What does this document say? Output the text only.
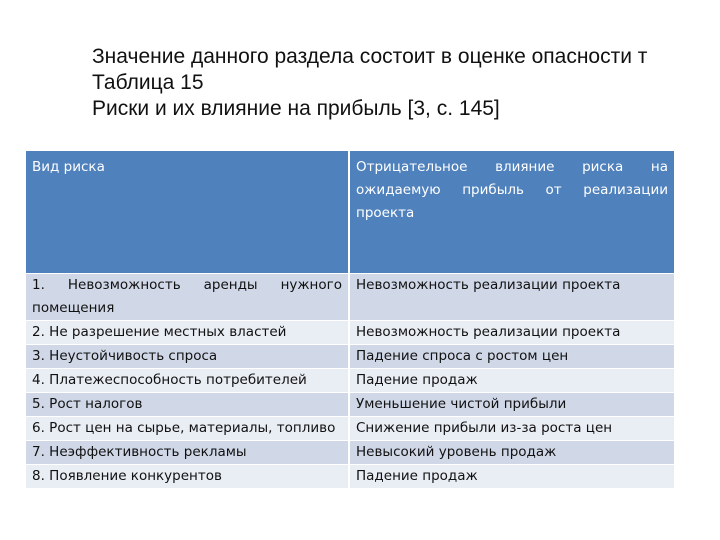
Значение данного раздела состоит в оценке опасности т
Таблица 15
Риски и их влияние на прибыль [3, с. 145]
Вид риска	Отрицательное влияние риска на ожидаемую прибыль от реализации проекта
1. Невозможность аренды нужного помещения	Невозможность реализации проекта
2. Не разрешение местных властей	Невозможность реализации проекта
3. Неустойчивость спроса	Падение спроса с ростом цен
4. Платежеспособность потребителей	Падение продаж
5. Рост налогов	Уменьшение чистой прибыли
6. Рост цен на сырье, материалы, топливо	Снижение прибыли из-за роста цен
7. Неэффективность рекламы	Невысокий уровень продаж
8. Появление конкурентов	Падение продаж
